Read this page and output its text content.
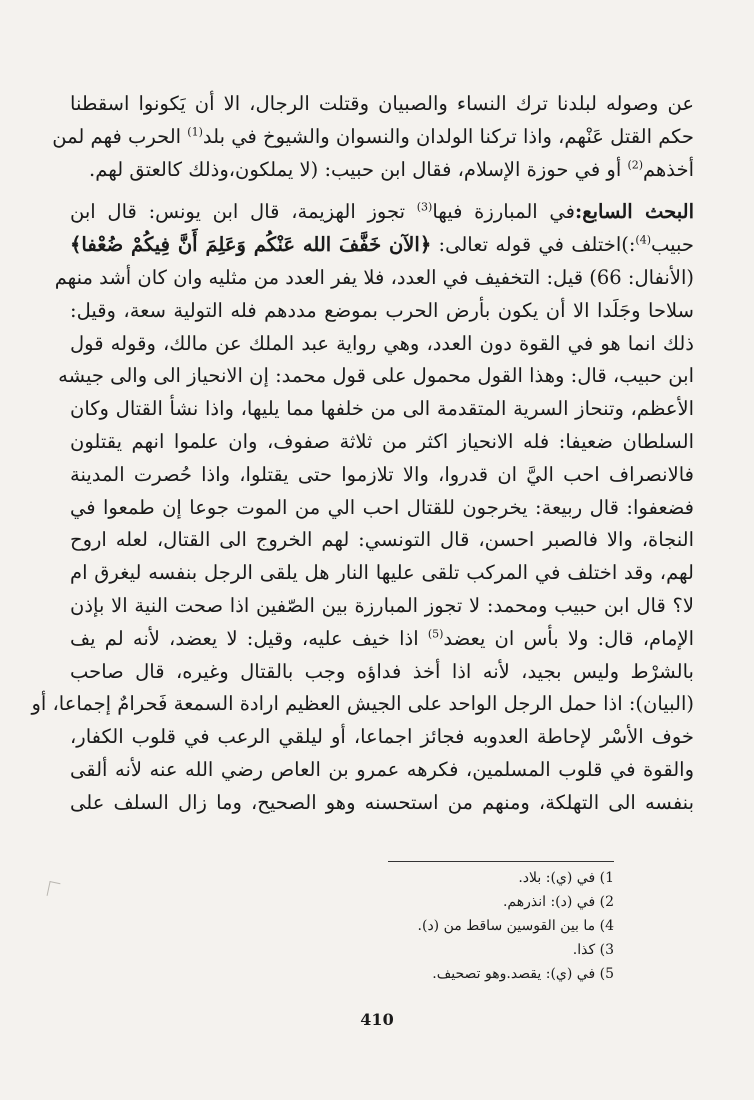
عن وصوله لبلدنا ترك النساء والصبيان وقتلت الرجال، الا أن يَكونوا اسقطنا
حكم القتل عَنْهم، واذا تركنا الولدان والنسوان والشيوخ في بلد$^{(1)}$ الحرب فهم لمن
أخذهم$^{(2)}$ أو في حوزة الإسلام، فقال ابن حبيب: (لا يملكون،وذلك كالعتق لهم.
البحث السابع:في المبارزة فيها$^{(3)}$ تجوز الهزيمة، قال ابن يونس: قال ابن
حبيب$^{(4)}$:)اختلف في قوله تعالى: ﴿الآن خَفَّفَ الله عَنْكُم وَعَلِمَ أَنَّ فِيكُمْ ضُعْفا﴾
(الأنفال: 66) قيل: التخفيف في العدد، فلا يفر العدد من مثليه وان كان أشد منهم
سلاحا وجَلَدا الا أن يكون بأرض الحرب بموضع مددهم فله التولية سعة، وقيل:
ذلك انما هو في القوة دون العدد، وهي رواية عبد الملك عن مالك، وقوله قول
ابن حبيب، قال: وهذا القول محمول على قول محمد: إن الانحياز الى والى جيشه
الأعظم، وتنحاز السرية المتقدمة الى من خلفها مما يليها، واذا نشأ القتال وكان
السلطان ضعيفا: فله الانحياز اكثر من ثلاثة صفوف، وان علموا انهم يقتلون
فالانصراف احب اليَّ ان قدروا، والا تلازموا حتى يقتلوا، واذا حُصرت المدينة
فضعفوا: قال ربيعة: يخرجون للقتال احب الي من الموت جوعا إن طمعوا في
النجاة، والا فالصبر احسن، قال التونسي: لهم الخروج الى القتال، لعله اروح
لهم، وقد اختلف في المركب تلقى عليها النار هل يلقى الرجل بنفسه ليغرق ام
لا؟ قال ابن حبيب ومحمد: لا تجوز المبارزة بين الصّفين اذا صحت النية الا بإذن
الإمام، قال: ولا بأس ان يعضد$^{(5)}$ اذا خيف عليه، وقيل: لا يعضد، لأنه لم يف
بالشرْط وليس بجيد، لأنه اذا أخذ فداؤه وجب بالقتال وغيره، قال صاحب
(البيان): اذا حمل الرجل الواحد على الجيش العظيم ارادة السمعة فَحرامٌ إجماعا، أو
خوف الأسْر لإحاطة العدوبه فجائز اجماعا، أو ليلقي الرعب في قلوب الكفار،
والقوة في قلوب المسلمين، فكرهه عمرو بن العاص رضي الله عنه لأنه ألقى
بنفسه الى التهلكة، ومنهم من استحسنه وهو الصحيح، وما زال السلف على
1) في (ي): بلاد.
2) في (د): انذرهم.
4) ما بين القوسين ساقط من (د).
3) كذا.
5) في (ي): يقصد.وهو تصحيف.
410
